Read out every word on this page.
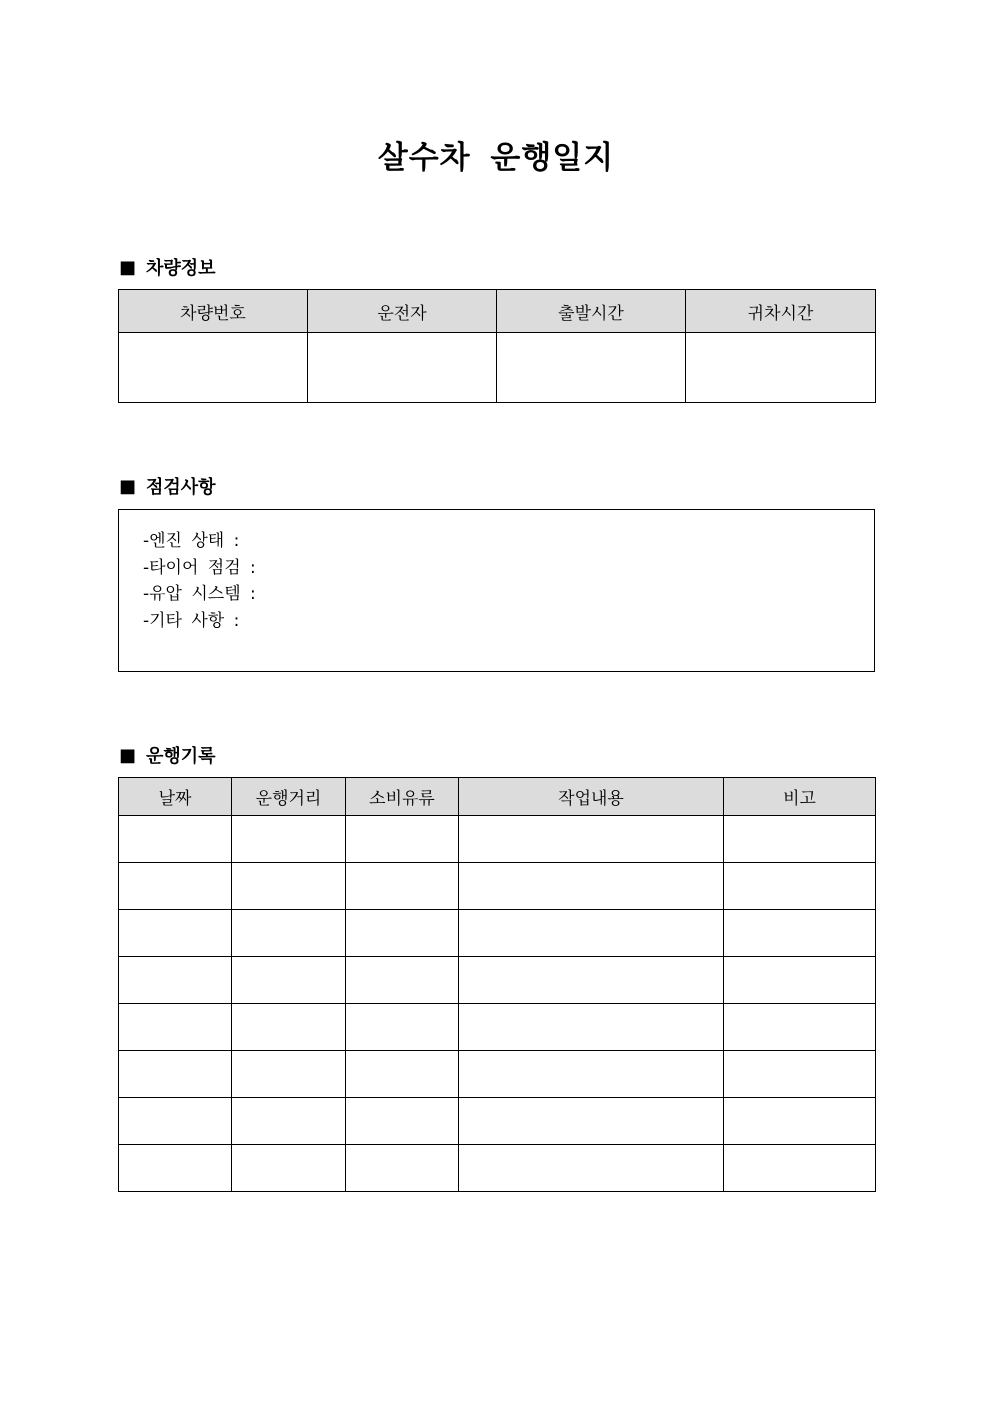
살수차 운행일지
■ 차량정보
차량번호	운전자	출발시간	귀차시간

■ 점검사항
-엔진 상태 :
-타이어 점검 :
-유압 시스템 :
-기타 사항 :
■ 운행기록
날짜	운행거리	소비유류	작업내용	비고
